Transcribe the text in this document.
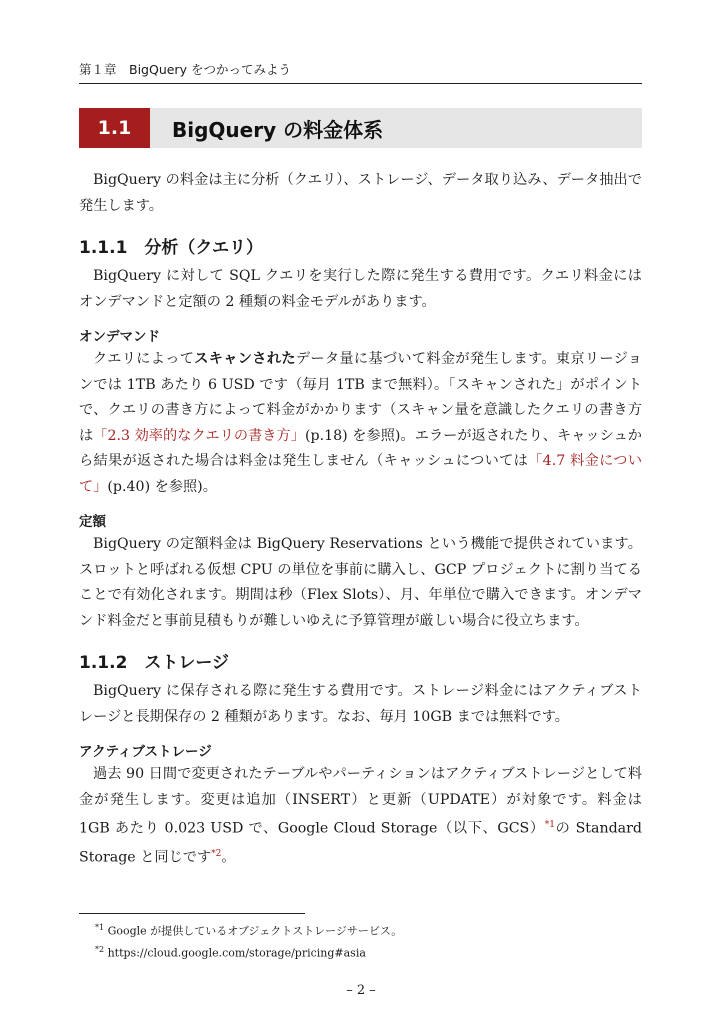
第１章　BigQuery をつかってみよう
1.1	BigQuery の料金体系

BigQuery の料金は主に分析（クエリ）、ストレージ、データ取り込み、データ抽出で発生します。

1.1.1　分析（クエリ）

BigQuery に対して SQL クエリを実行した際に発生する費用です。クエリ料金にはオンデマンドと定額の 2 種類の料金モデルがあります。

オンデマンド

クエリによってスキャンされたデータ量に基づいて料金が発生します。東京リージョンでは 1TB あたり 6 USD です（毎月 1TB まで無料）。「スキャンされた」がポイントで、クエリの書き方によって料金がかかります（スキャン量を意識したクエリの書き方は「2.3 効率的なクエリの書き方」(p.18) を参照)。エラーが返されたり、キャッシュから結果が返された場合は料金は発生しません（キャッシュについては「4.7 料金について」(p.40) を参照)。

定額

BigQuery の定額料金は BigQuery Reservations という機能で提供されています。スロットと呼ばれる仮想 CPU の単位を事前に購入し、GCP プロジェクトに割り当てることで有効化されます。期間は秒（Flex Slots）、月、年単位で購入できます。オンデマンド料金だと事前見積もりが難しいゆえに予算管理が厳しい場合に役立ちます。

1.1.2　ストレージ

BigQuery に保存される際に発生する費用です。ストレージ料金にはアクティブストレージと長期保存の 2 種類があります。なお、毎月 10GB までは無料です。

アクティブストレージ

過去 90 日間で変更されたテーブルやパーティションはアクティブストレージとして料金が発生します。変更は追加（INSERT）と更新（UPDATE）が対象です。料金は 1GB あたり 0.023 USD で、Google Cloud Storage（以下、GCS）$^{*1}$の Standard Storage と同じです$^{*2}$。

$^{*1}$ Google が提供しているオブジェクトストレージサービス。
$^{*2}$ https://cloud.google.com/storage/pricing#asia
– 2 –
